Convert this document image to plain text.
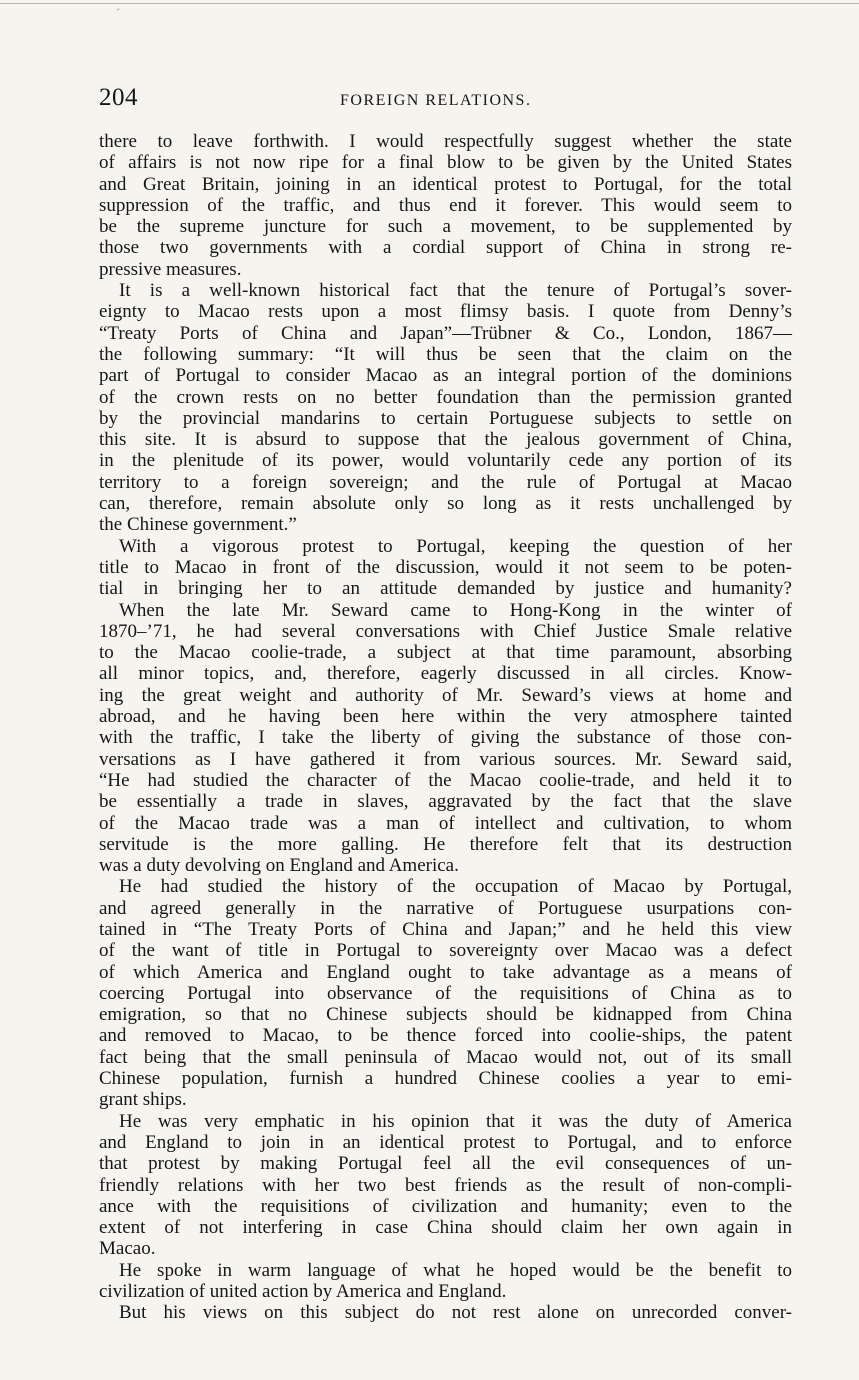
´
204	FOREIGN RELATIONS.
there to leave forthwith. I would respectfully suggest whether the state
of affairs is not now ripe for a final blow to be given by the United States
and Great Britain, joining in an identical protest to Portugal, for the total
suppression of the traffic, and thus end it forever. This would seem to
be the supreme juncture for such a movement, to be supplemented by
those two governments with a cordial support of China in strong re-
pressive measures.
It is a well-known historical fact that the tenure of Portugal’s sover-
eignty to Macao rests upon a most flimsy basis. I quote from Denny’s
“Treaty Ports of China and Japan”—Trübner & Co., London, 1867—
the following summary: “It will thus be seen that the claim on the
part of Portugal to consider Macao as an integral portion of the dominions
of the crown rests on no better foundation than the permission granted
by the provincial mandarins to certain Portuguese subjects to settle on
this site. It is absurd to suppose that the jealous government of China,
in the plenitude of its power, would voluntarily cede any portion of its
territory to a foreign sovereign; and the rule of Portugal at Macao
can, therefore, remain absolute only so long as it rests unchallenged by
the Chinese government.”
With a vigorous protest to Portugal, keeping the question of her
title to Macao in front of the discussion, would it not seem to be poten-
tial in bringing her to an attitude demanded by justice and humanity?
When the late Mr. Seward came to Hong-Kong in the winter of
1870–’71, he had several conversations with Chief Justice Smale relative
to the Macao coolie-trade, a subject at that time paramount, absorbing
all minor topics, and, therefore, eagerly discussed in all circles. Know-
ing the great weight and authority of Mr. Seward’s views at home and
abroad, and he having been here within the very atmosphere tainted
with the traffic, I take the liberty of giving the substance of those con-
versations as I have gathered it from various sources. Mr. Seward said,
“He had studied the character of the Macao coolie-trade, and held it to
be essentially a trade in slaves, aggravated by the fact that the slave
of the Macao trade was a man of intellect and cultivation, to whom
servitude is the more galling. He therefore felt that its destruction
was a duty devolving on England and America.
He had studied the history of the occupation of Macao by Portugal,
and agreed generally in the narrative of Portuguese usurpations con-
tained in “The Treaty Ports of China and Japan;” and he held this view
of the want of title in Portugal to sovereignty over Macao was a defect
of which America and England ought to take advantage as a means of
coercing Portugal into observance of the requisitions of China as to
emigration, so that no Chinese subjects should be kidnapped from China
and removed to Macao, to be thence forced into coolie-ships, the patent
fact being that the small peninsula of Macao would not, out of its small
Chinese population, furnish a hundred Chinese coolies a year to emi-
grant ships.
He was very emphatic in his opinion that it was the duty of America
and England to join in an identical protest to Portugal, and to enforce
that protest by making Portugal feel all the evil consequences of un-
friendly relations with her two best friends as the result of non-compli-
ance with the requisitions of civilization and humanity; even to the
extent of not interfering in case China should claim her own again in
Macao.
He spoke in warm language of what he hoped would be the benefit to
civilization of united action by America and England.
But his views on this subject do not rest alone on unrecorded conver-
